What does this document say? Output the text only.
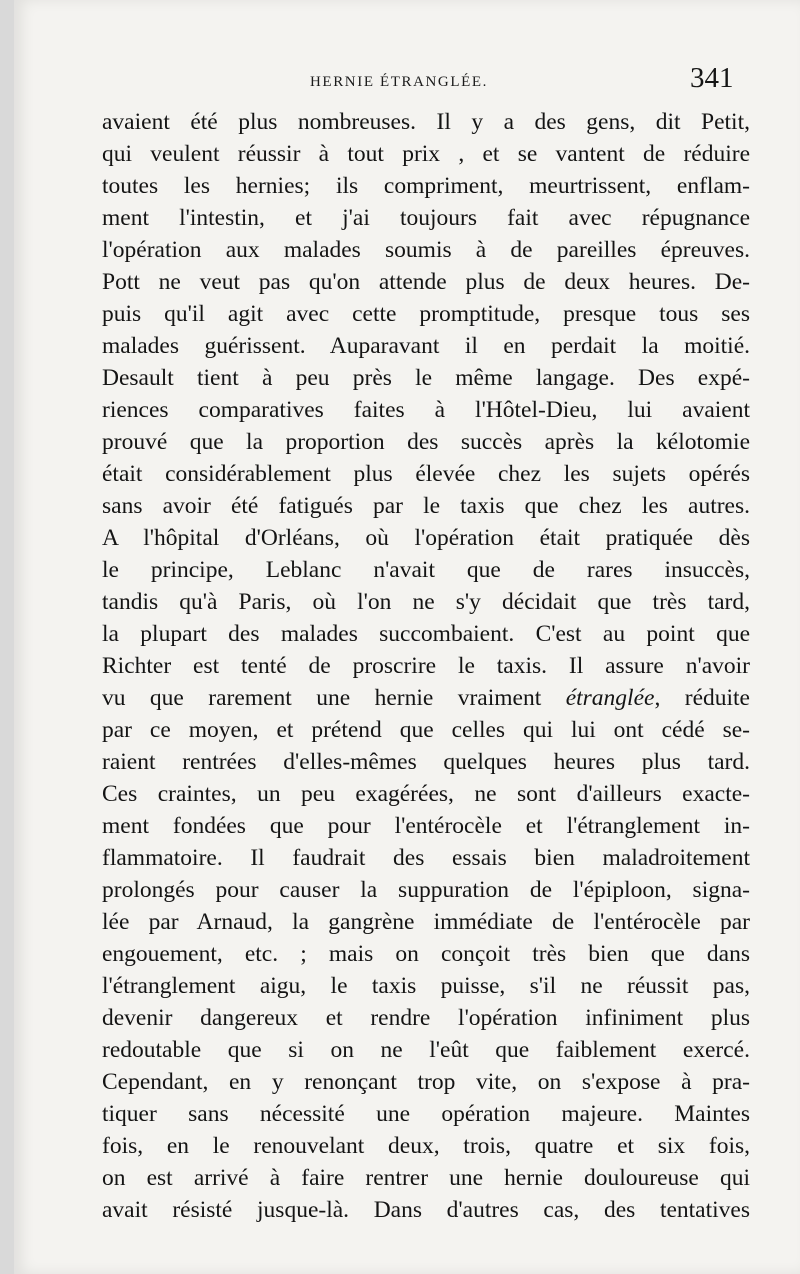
HERNIE ÉTRANGLÉE.	341
avaient été plus nombreuses. Il y a des gens, dit Petit,
qui veulent réussir à tout prix , et se vantent de réduire
toutes les hernies; ils compriment, meurtrissent, enflam-
ment l'intestin, et j'ai toujours fait avec répugnance
l'opération aux malades soumis à de pareilles épreuves.
Pott ne veut pas qu'on attende plus de deux heures. De-
puis qu'il agit avec cette promptitude, presque tous ses
malades guérissent. Auparavant il en perdait la moitié.
Desault tient à peu près le même langage. Des expé-
riences comparatives faites à l'Hôtel-Dieu, lui avaient
prouvé que la proportion des succès après la kélotomie
était considérablement plus élevée chez les sujets opérés
sans avoir été fatigués par le taxis que chez les autres.
A l'hôpital d'Orléans, où l'opération était pratiquée dès
le principe, Leblanc n'avait que de rares insuccès,
tandis qu'à Paris, où l'on ne s'y décidait que très tard,
la plupart des malades succombaient. C'est au point que
Richter est tenté de proscrire le taxis. Il assure n'avoir
vu que rarement une hernie vraiment étranglée, réduite
par ce moyen, et prétend que celles qui lui ont cédé se-
raient rentrées d'elles-mêmes quelques heures plus tard.
Ces craintes, un peu exagérées, ne sont d'ailleurs exacte-
ment fondées que pour l'entérocèle et l'étranglement in-
flammatoire. Il faudrait des essais bien maladroitement
prolongés pour causer la suppuration de l'épiploon, signa-
lée par Arnaud, la gangrène immédiate de l'entérocèle par
engouement, etc. ; mais on conçoit très bien que dans
l'étranglement aigu, le taxis puisse, s'il ne réussit pas,
devenir dangereux et rendre l'opération infiniment plus
redoutable que si on ne l'eût que faiblement exercé.
Cependant, en y renonçant trop vite, on s'expose à pra-
tiquer sans nécessité une opération majeure. Maintes
fois, en le renouvelant deux, trois, quatre et six fois,
on est arrivé à faire rentrer une hernie douloureuse qui
avait résisté jusque-là. Dans d'autres cas, des tentatives
